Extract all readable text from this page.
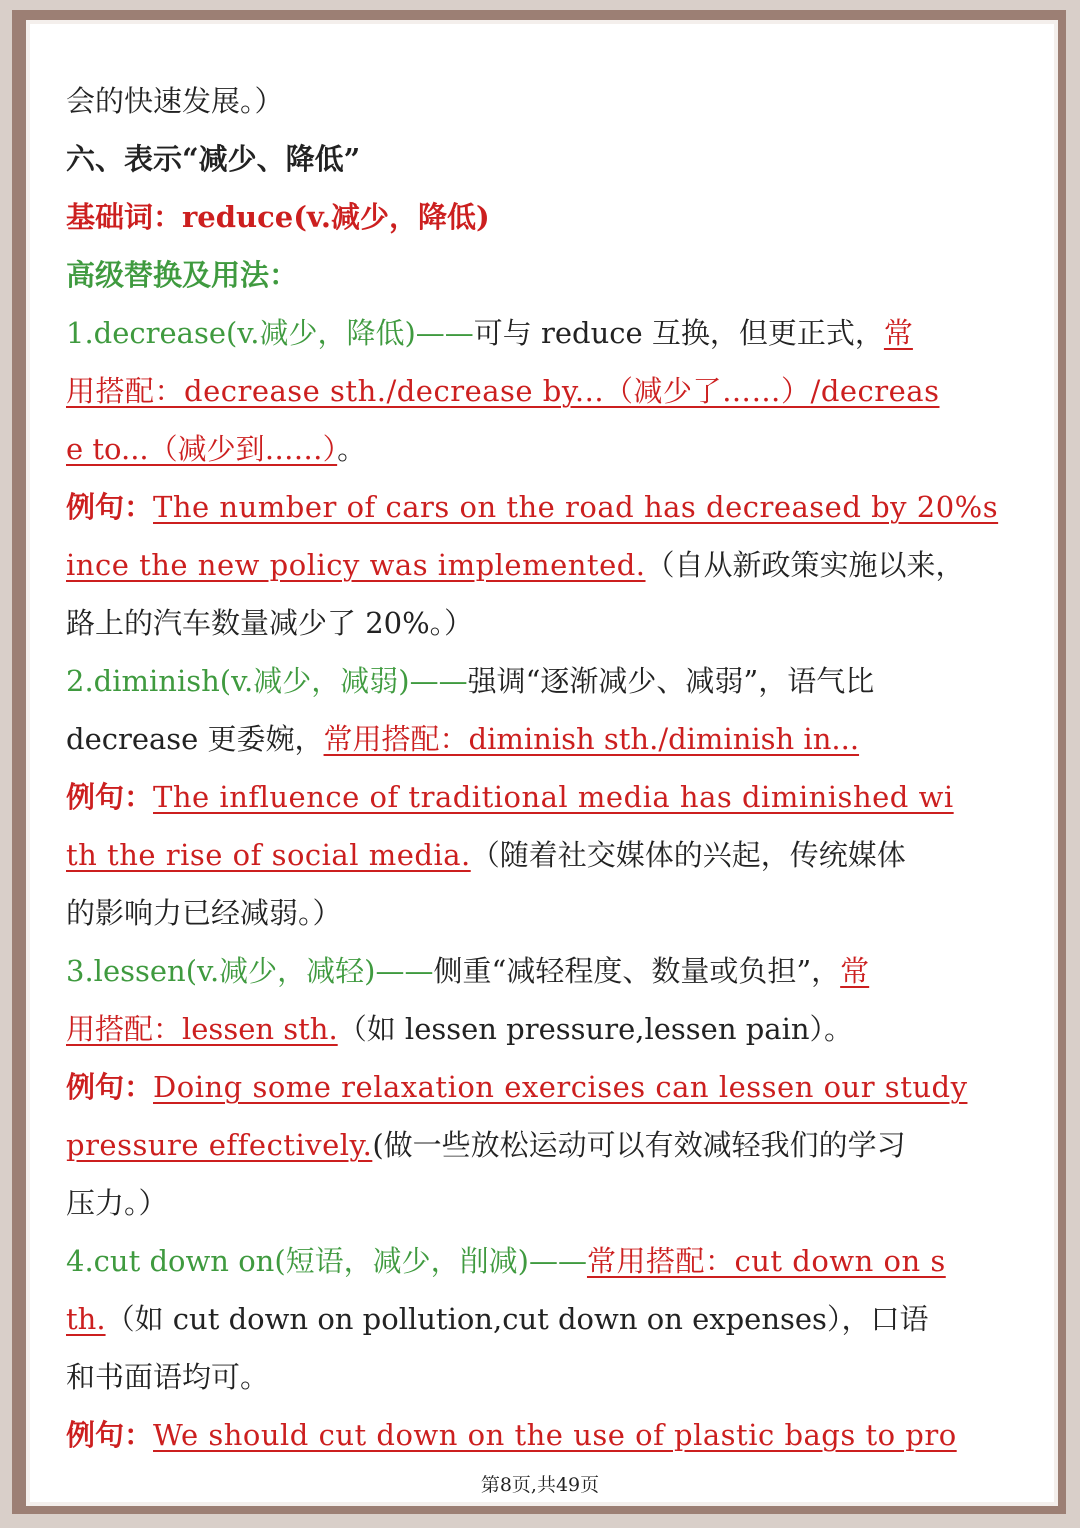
会的快速发展。）
六、表示“减少、降低”
基础词：reduce(v.减少，降低)
高级替换及用法：
1.decrease(v.减少，降低)——可与 reduce 互换，但更正式，常
用搭配：decrease sth./decrease by...（减少了……）/decreas
e to...（减少到……）。
例句：The number of cars on the road has decreased by 20%s
ince the new policy was implemented.（自从新政策实施以来，
路上的汽车数量减少了 20%。）
2.diminish(v.减少，减弱)——强调“逐渐减少、减弱”，语气比
decrease 更委婉，常用搭配：diminish sth./diminish in...
例句：The influence of traditional media has diminished wi
th the rise of social media.（随着社交媒体的兴起，传统媒体
的影响力已经减弱。）
3.lessen(v.减少，减轻)——侧重“减轻程度、数量或负担”，常
用搭配：lessen sth.（如 lessen pressure,lessen pain）。
例句：Doing some relaxation exercises can lessen our study
pressure effectively.(做一些放松运动可以有效减轻我们的学习
压力。）
4.cut down on(短语，减少，削减)——常用搭配：cut down on s
th.（如 cut down on pollution,cut down on expenses），口语
和书面语均可。
例句：We should cut down on the use of plastic bags to pro
第8页,共49页
